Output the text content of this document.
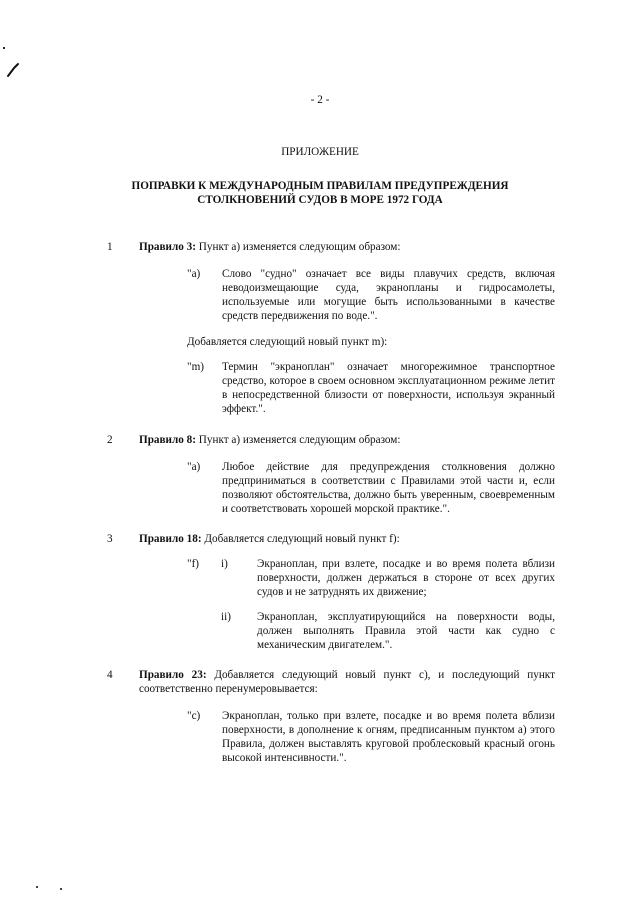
- 2 -
ПРИЛОЖЕНИЕ
ПОПРАВКИ К МЕЖДУНАРОДНЫМ ПРАВИЛАМ ПРЕДУПРЕЖДЕНИЯ
СТОЛКНОВЕНИЙ СУДОВ В МОРЕ 1972 ГОДА
1 Правило 3: Пункт a) изменяется следующим образом:
"a) Слово "судно" означает все виды плавучих средств, включая неводоизмещающие суда, экранопланы и гидросамолеты, используемые или могущие быть использованными в качестве средств передвижения по воде.".
Добавляется следующий новый пункт m):
"m) Термин "экраноплан" означает многорежимное транспортное средство, которое в своем основном эксплуатационном режиме летит в непосредственной близости от поверхности, используя экранный эффект.".
2 Правило 8: Пункт a) изменяется следующим образом:
"a) Любое действие для предупреждения столкновения должно предприниматься в соответствии с Правилами этой части и, если позволяют обстоятельства, должно быть уверенным, своевременным и соответствовать хорошей морской практике.".
3 Правило 18: Добавляется следующий новый пункт f):
"f) i)	Экраноплан, при взлете, посадке и во время полета вблизи поверхности, должен держаться в стороне от всех других судов и не затруднять их движение;
ii) Экраноплан, эксплуатирующийся на поверхности воды, должен выполнять Правила этой части как судно с механическим двигателем.".
4 Правило 23: Добавляется следующий новый пункт c), и последующий пункт соответственно перенумеровывается:
"c) Экраноплан, только при взлете, посадке и во время полета вблизи поверхности, в дополнение к огням, предписанным пунктом a) этого Правила, должен выставлять круговой проблесковый красный огонь высокой интенсивности.".
